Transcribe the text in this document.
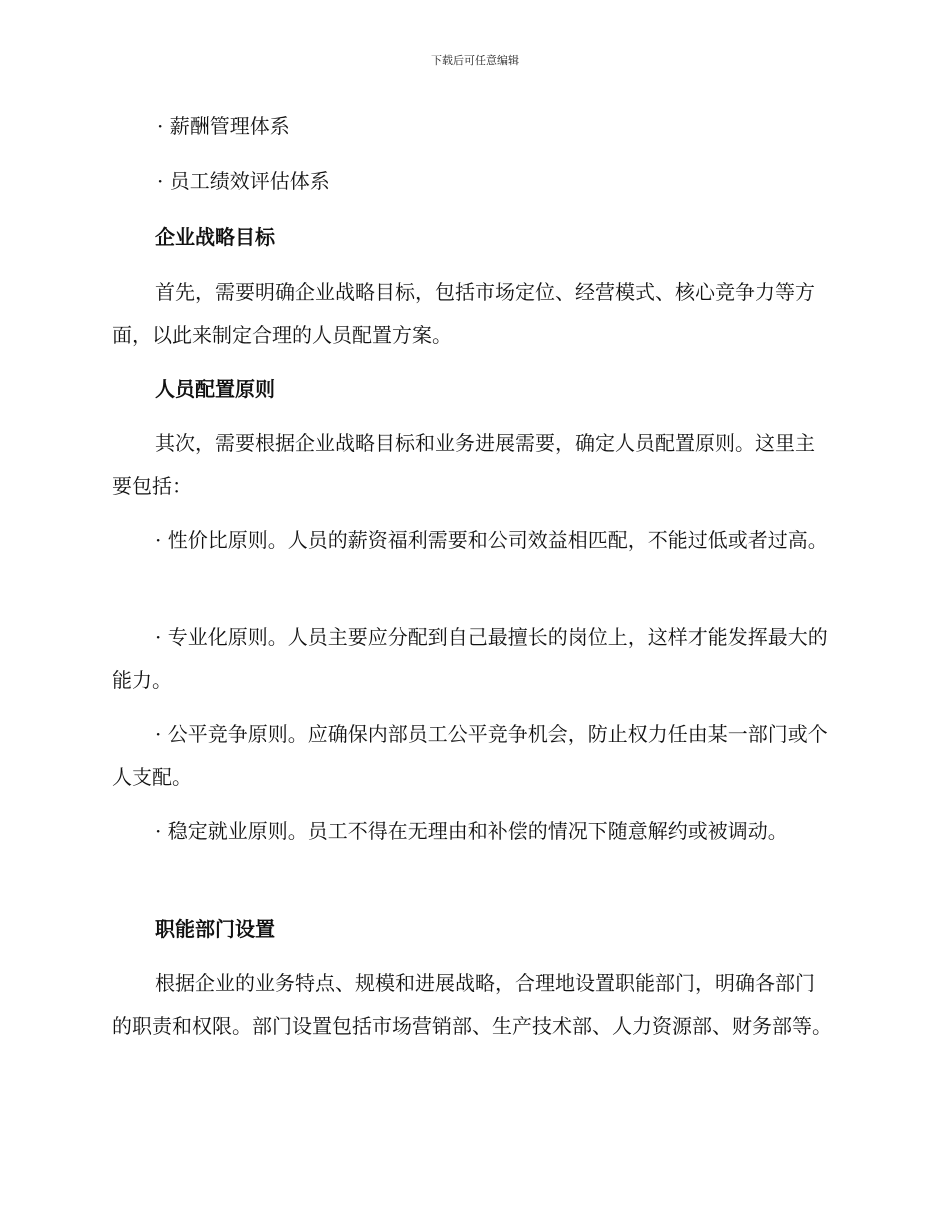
下载后可任意编辑

· 薪酬管理体系

· 员工绩效评估体系

企业战略目标

首先，需要明确企业战略目标，包括市场定位、经营模式、核心竞争力等方面，以此来制定合理的人员配置方案。

人员配置原则

其次，需要根据企业战略目标和业务进展需要，确定人员配置原则。这里主要包括：

· 性价比原则。人员的薪资福利需要和公司效益相匹配，不能过低或者过高。

· 专业化原则。人员主要应分配到自己最擅长的岗位上，这样才能发挥最大的能力。

· 公平竞争原则。应确保内部员工公平竞争机会，防止权力任由某一部门或个人支配。

· 稳定就业原则。员工不得在无理由和补偿的情况下随意解约或被调动。

职能部门设置

根据企业的业务特点、规模和进展战略，合理地设置职能部门，明确各部门的职责和权限。部门设置包括市场营销部、生产技术部、人力资源部、财务部等。
